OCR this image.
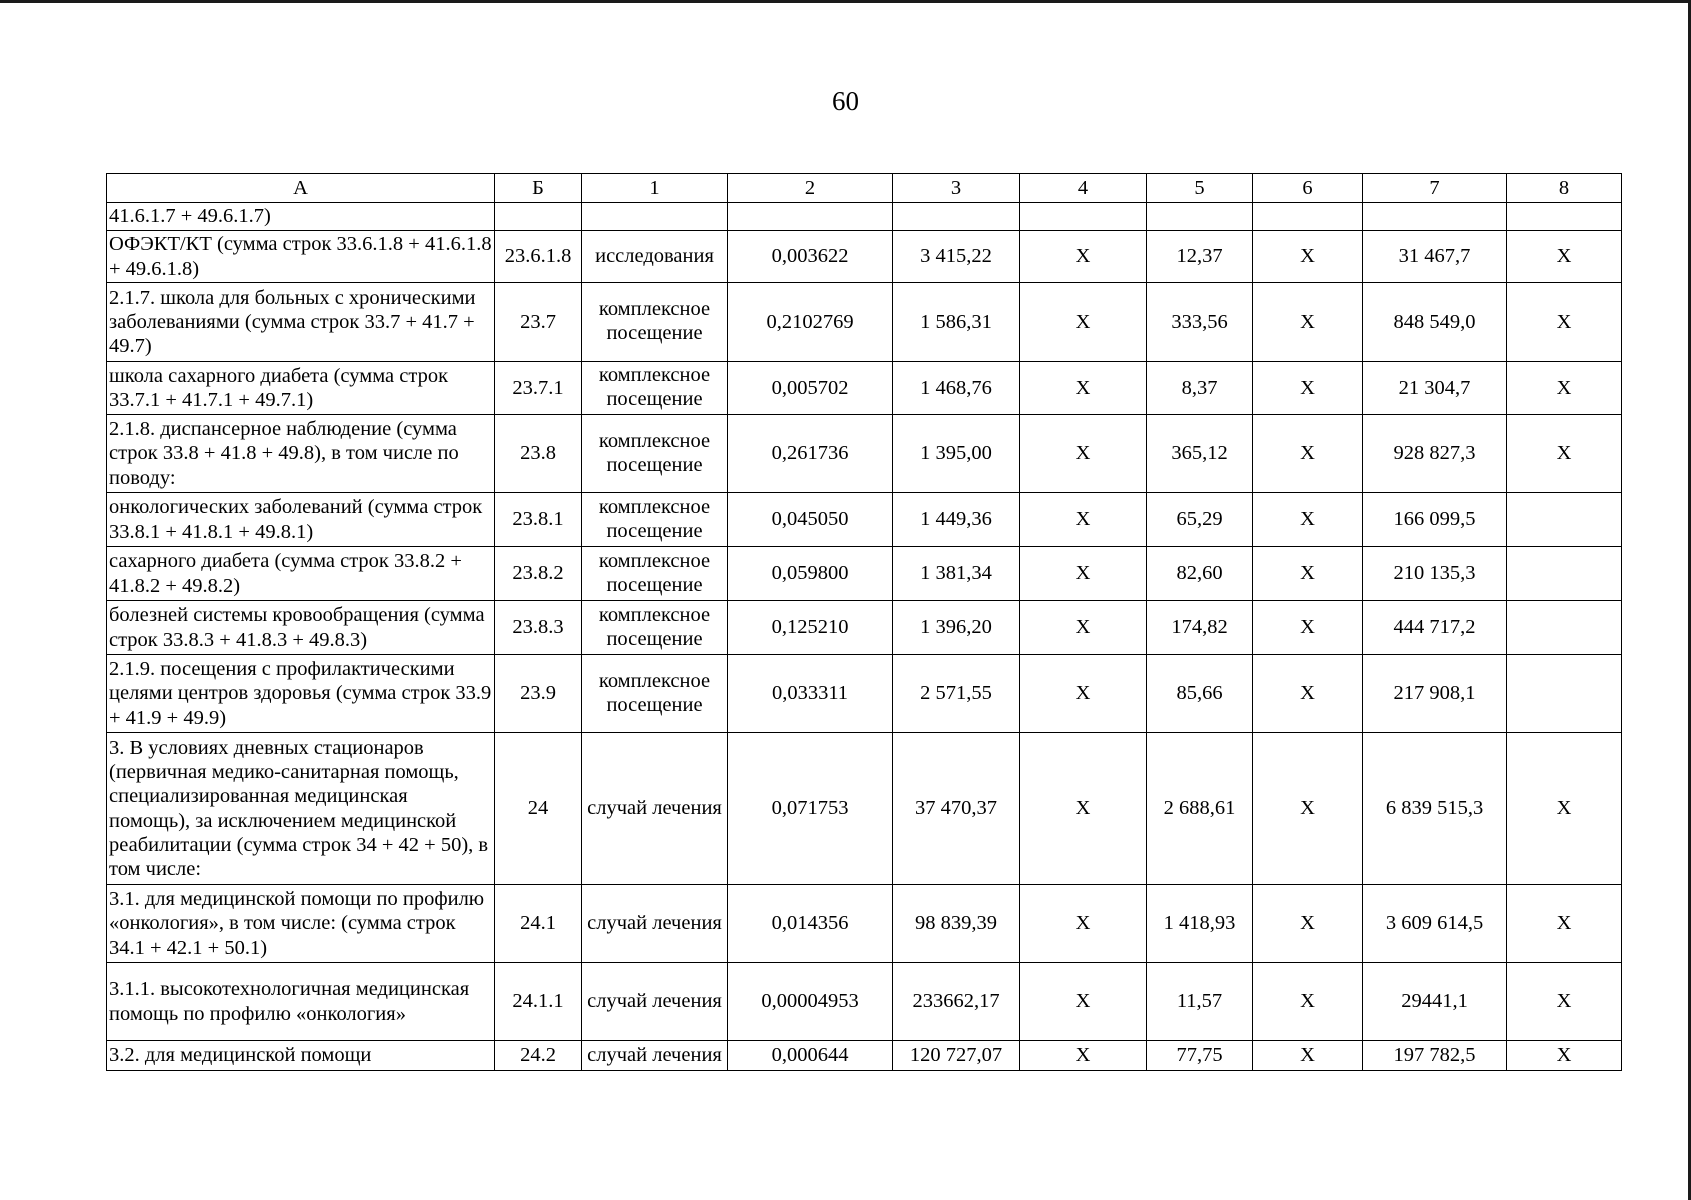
60
А	Б	1	2	3	4	5	6	7	8
41.6.1.7 + 49.6.1.7)									
ОФЭКТ/КТ (сумма строк 33.6.1.8 + 41.6.1.8 + 49.6.1.8)	23.6.1.8	исследования	0,003622	3 415,22	Х	12,37	Х	31 467,7	Х
2.1.7. школа для больных с хроническими заболеваниями (сумма строк 33.7 + 41.7 + 49.7)	23.7	комплексное посещение	0,2102769	1 586,31	Х	333,56	Х	848 549,0	Х
школа сахарного диабета (сумма строк 33.7.1 + 41.7.1 + 49.7.1)	23.7.1	комплексное посещение	0,005702	1 468,76	Х	8,37	Х	21 304,7	Х
2.1.8. диспансерное наблюдение (сумма строк 33.8 + 41.8 + 49.8), в том числе по поводу:	23.8	комплексное посещение	0,261736	1 395,00	Х	365,12	Х	928 827,3	Х
онкологических заболеваний (сумма строк 33.8.1 + 41.8.1 + 49.8.1)	23.8.1	комплексное посещение	0,045050	1 449,36	Х	65,29	Х	166 099,5	
сахарного диабета (сумма строк 33.8.2 + 41.8.2 + 49.8.2)	23.8.2	комплексное посещение	0,059800	1 381,34	Х	82,60	Х	210 135,3	
болезней системы кровообращения (сумма строк 33.8.3 + 41.8.3 + 49.8.3)	23.8.3	комплексное посещение	0,125210	1 396,20	Х	174,82	Х	444 717,2	
2.1.9. посещения с профилактическими целями центров здоровья (сумма строк 33.9 + 41.9 + 49.9)	23.9	комплексное посещение	0,033311	2 571,55	Х	85,66	Х	217 908,1	
3. В условиях дневных стационаров (первичная медико-санитарная помощь, специализированная медицинская помощь), за исключением медицинской реабилитации (сумма строк 34 + 42 + 50), в том числе:	24	случай лечения	0,071753	37 470,37	Х	2 688,61	Х	6 839 515,3	Х
3.1. для медицинской помощи по профилю «онкология», в том числе: (сумма строк 34.1 + 42.1 + 50.1)	24.1	случай лечения	0,014356	98 839,39	Х	1 418,93	Х	3 609 614,5	Х
3.1.1. высокотехнологичная медицинская помощь по профилю «онкология»	24.1.1	случай лечения	0,00004953	233662,17	Х	11,57	Х	29441,1	Х
3.2. для медицинской помощи	24.2	случай лечения	0,000644	120 727,07	Х	77,75	Х	197 782,5	Х
